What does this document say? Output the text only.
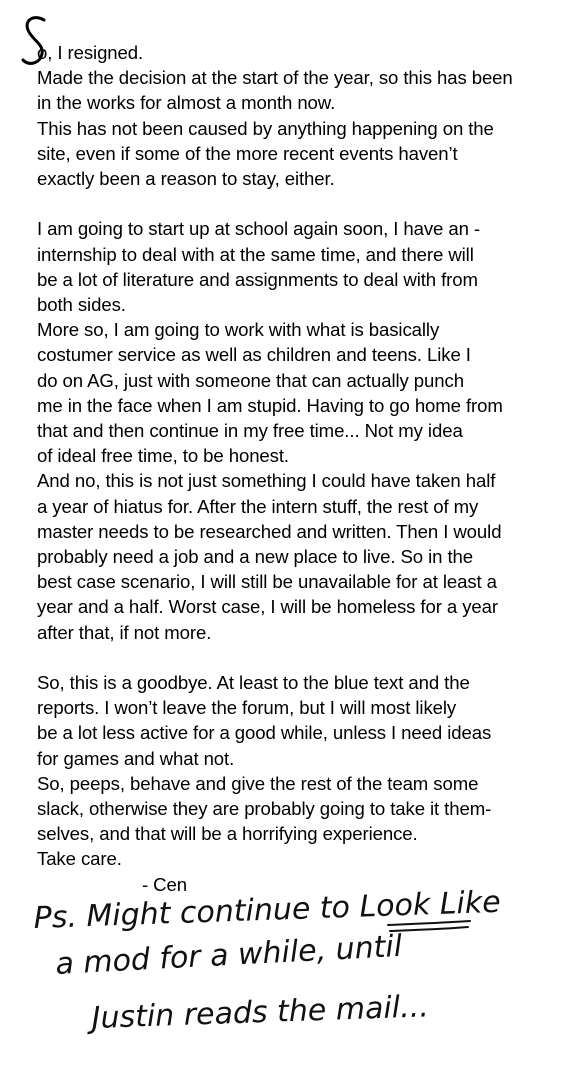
o, I resigned.
Made the decision at the start of the year, so this has been
in the works for almost a month now.
This has not been caused by anything happening on the
site, even if some of the more recent events haven’t
exactly been a reason to stay, either.
I am going to start up at school again soon, I have an -
internship to deal with at the same time, and there will
be a lot of literature and assignments to deal with from
both sides.
More so, I am going to work with what is basically
costumer service as well as children and teens. Like I
do on AG, just with someone that can actually punch
me in the face when I am stupid. Having to go home from
that and then continue in my free time... Not my idea
of ideal free time, to be honest.
And no, this is not just something I could have taken half
a year of hiatus for. After the intern stuff, the rest of my
master needs to be researched and written. Then I would
probably need a job and a new place to live. So in the
best case scenario, I will still be unavailable for at least a
year and a half. Worst case, I will be homeless for a year
after that, if not more.
So, this is a goodbye. At least to the blue text and the
reports. I won’t leave the forum, but I will most likely
be a lot less active for a good while, unless I need ideas
for games and what not.
So, peeps, behave and give the rest of the team some
slack, otherwise they are probably going to take it them-
selves, and that will be a horrifying experience.
Take care.
- Cen
Ps. Might continue to Look Like
a mod for a while, until
Justin reads the mail...
